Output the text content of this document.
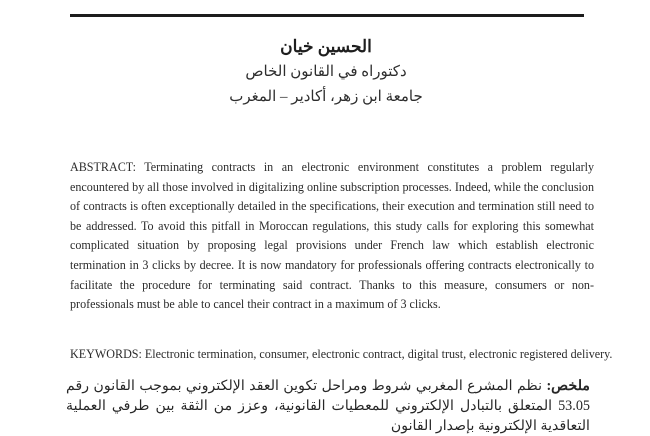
الحسين خيان

دكتوراه في القانون الخاص

جامعة ابن زهر، أكادير – المغرب

ABSTRACT: Terminating contracts in an electronic environment constitutes a problem regularly encountered by all those involved in digitalizing online subscription processes. Indeed, while the conclusion of contracts is often exceptionally detailed in the specifications, their execution and termination still need to be addressed. To avoid this pitfall in Moroccan regulations, this study calls for exploring this somewhat complicated situation by proposing legal provisions under French law which establish electronic termination in 3 clicks by decree. It is now mandatory for professionals offering contracts electronically to facilitate the procedure for terminating said contract. Thanks to this measure, consumers or non-professionals must be able to cancel their contract in a maximum of 3 clicks.

KEYWORDS: Electronic termination, consumer, electronic contract, digital trust, electronic registered delivery.

ملخص: نظم المشرع المغربي شروط ومراحل تكوين العقد الإلكتروني بموجب القانون رقم 53.05 المتعلق بالتبادل الإلكتروني للمعطيات القانونية، وعزز من الثقة بين طرفي العملية التعاقدية الإلكترونية بإصدار القانون
